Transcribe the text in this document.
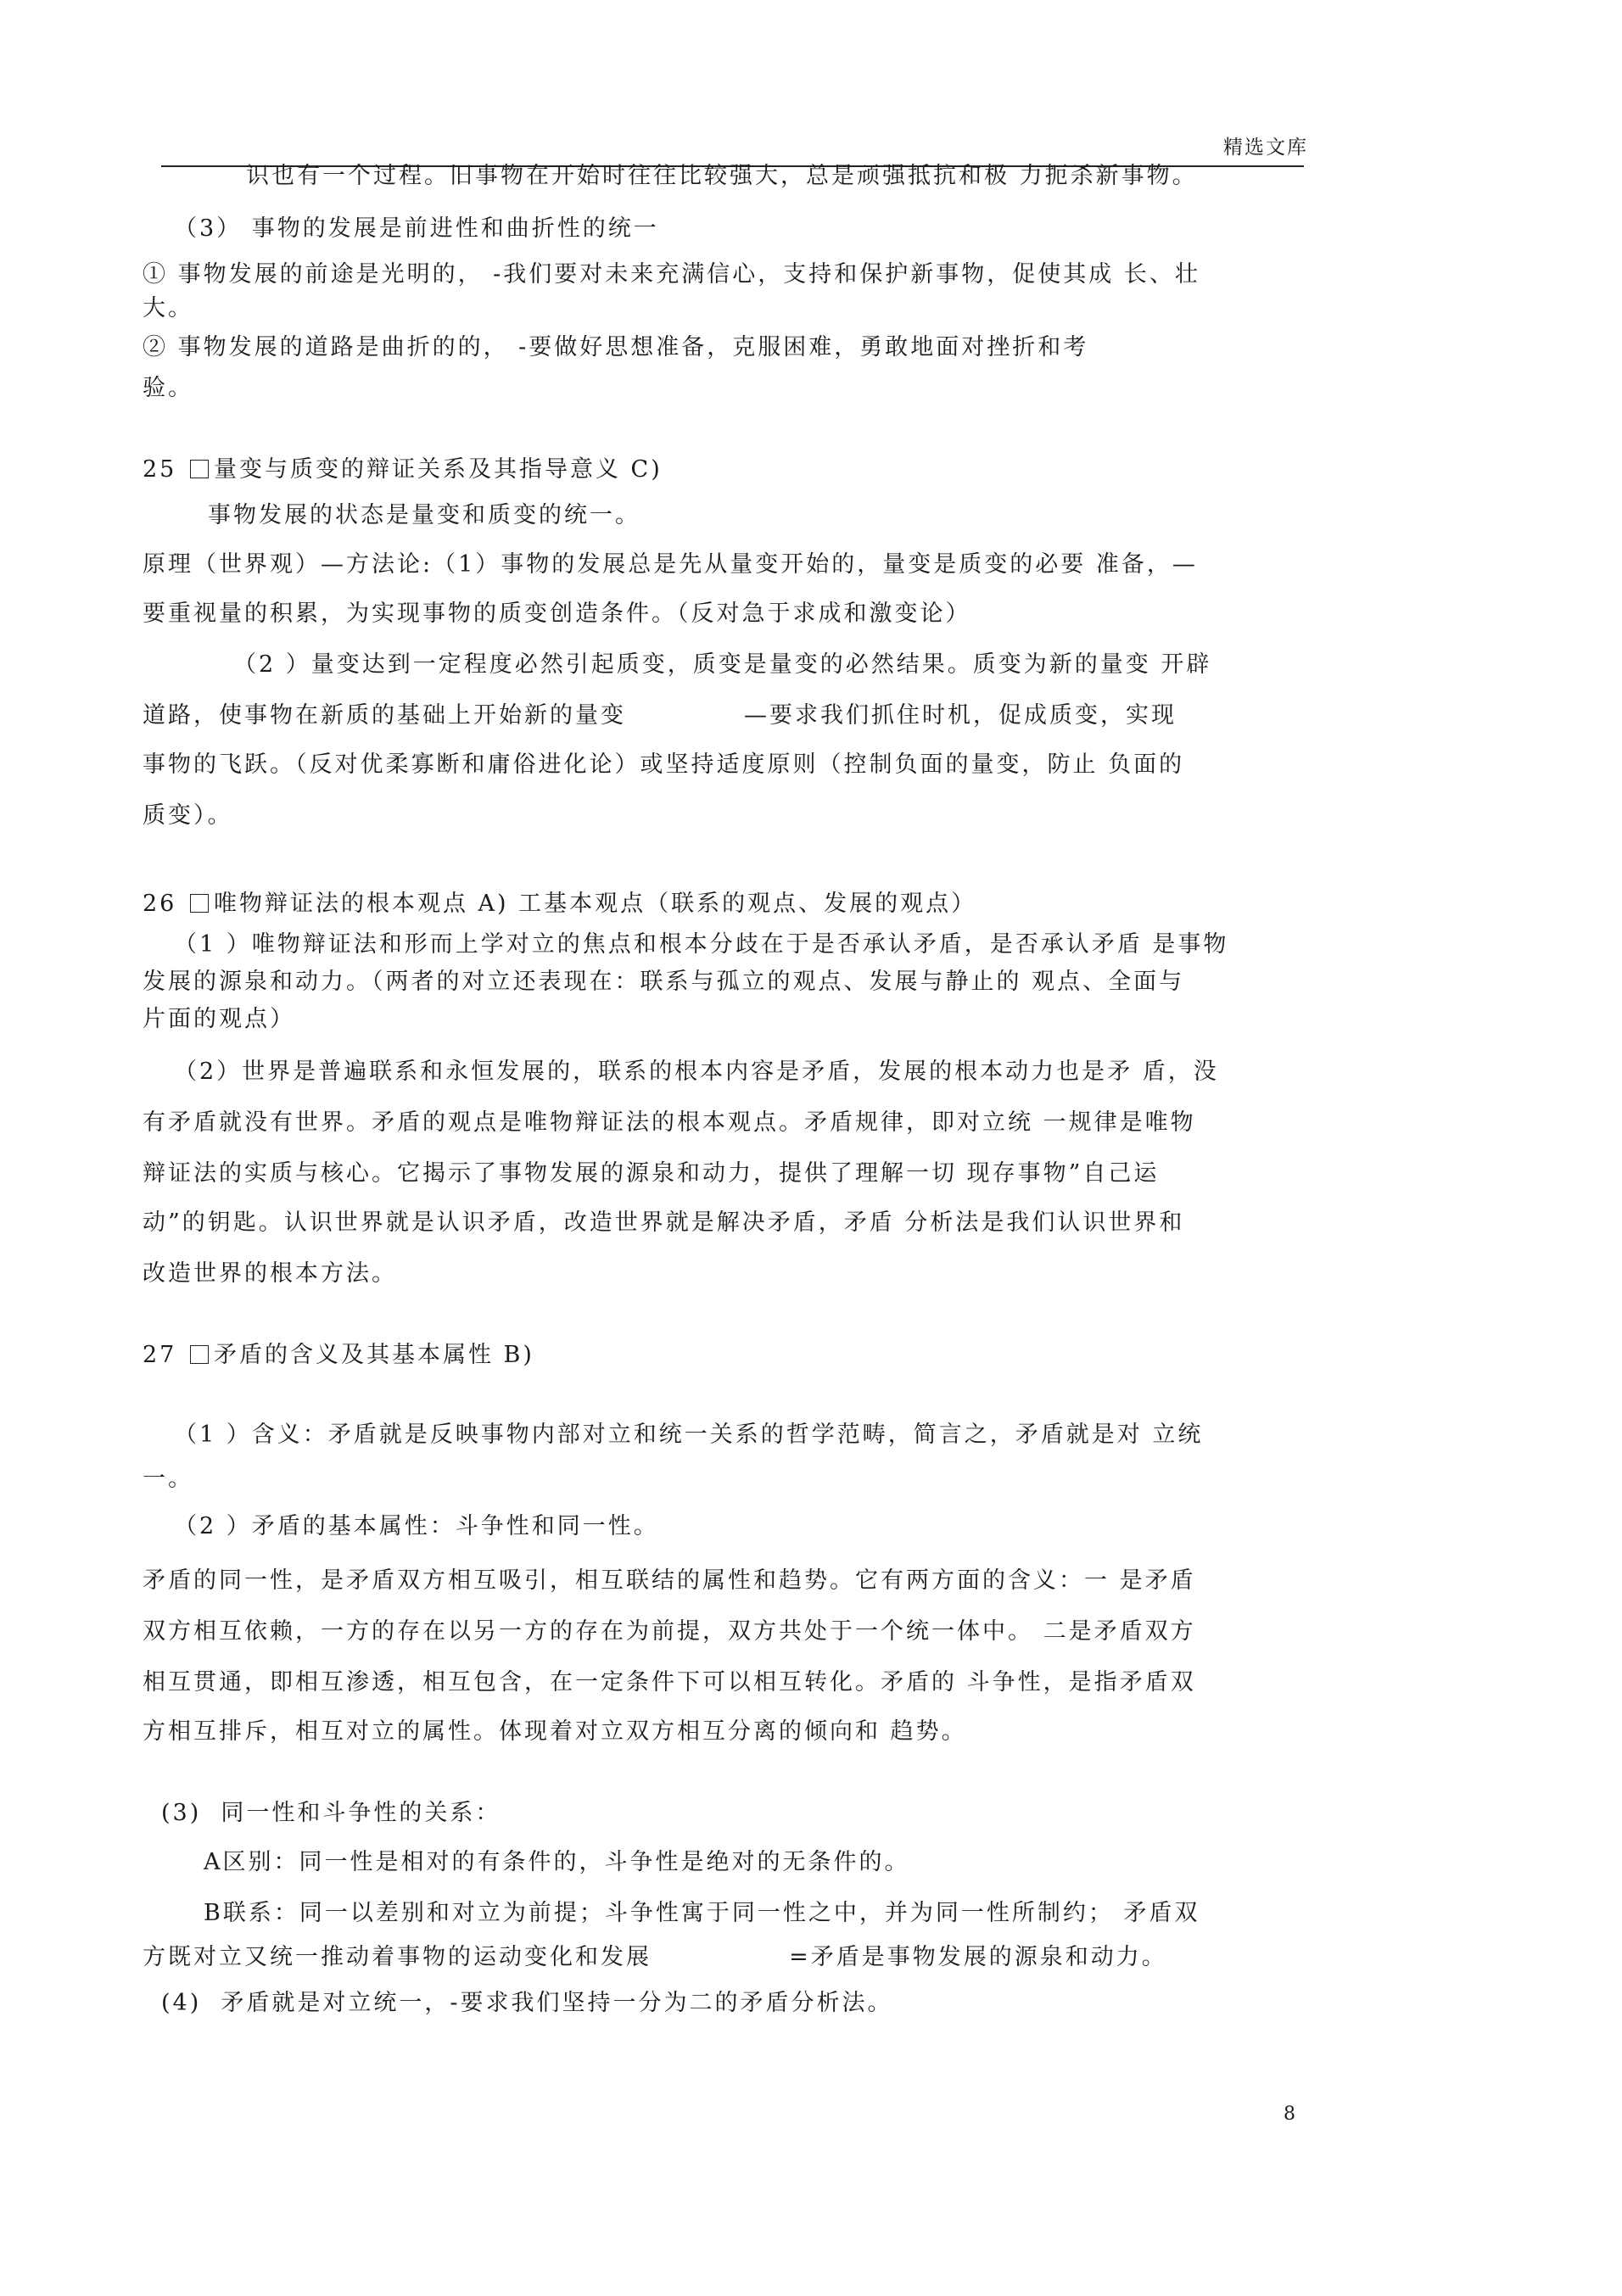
精选文库
识也有一个过程。旧事物在开始时往往比较强大，总是顽强抵抗和极 力扼杀新事物。
（3） 事物的发展是前进性和曲折性的统一
① 事物发展的前途是光明的， -我们要对未来充满信心，支持和保护新事物，促使其成 长、壮
大。
② 事物发展的道路是曲折的的， -要做好思想准备，克服困难，勇敢地面对挫折和考
验。
25 量变与质变的辩证关系及其指导意义 C)
事物发展的状态是量变和质变的统一。
原理（世界观）—方法论:（1）事物的发展总是先从量变开始的，量变是质变的必要 准备，—
要重视量的积累，为实现事物的质变创造条件。（反对急于求成和激变论）
（2 ）量变达到一定程度必然引起质变，质变是量变的必然结果。质变为新的量变 开辟
道路，使事物在新质的基础上开始新的量变            —要求我们抓住时机，促成质变，实现
事物的飞跃。（反对优柔寡断和庸俗进化论）或坚持适度原则（控制负面的量变，防止 负面的
质变）。
26 唯物辩证法的根本观点 A) 工基本观点（联系的观点、发展的观点）
（1 ）唯物辩证法和形而上学对立的焦点和根本分歧在于是否承认矛盾，是否承认矛盾 是事物
发展的源泉和动力。（两者的对立还表现在：联系与孤立的观点、发展与静止的 观点、全面与
片面的观点）
（2）世界是普遍联系和永恒发展的，联系的根本内容是矛盾，发展的根本动力也是矛 盾，没
有矛盾就没有世界。矛盾的观点是唯物辩证法的根本观点。矛盾规律，即对立统 一规律是唯物
辩证法的实质与核心。它揭示了事物发展的源泉和动力，提供了理解一切 现存事物”自己运
动”的钥匙。认识世界就是认识矛盾，改造世界就是解决矛盾，矛盾 分析法是我们认识世界和
改造世界的根本方法。
27 矛盾的含义及其基本属性 B)
（1 ）含义：矛盾就是反映事物内部对立和统一关系的哲学范畴，简言之，矛盾就是对 立统
一。
（2 ）矛盾的基本属性：斗争性和同一性。
矛盾的同一性，是矛盾双方相互吸引，相互联结的属性和趋势。它有两方面的含义：一 是矛盾
双方相互依赖，一方的存在以另一方的存在为前提，双方共处于一个统一体中。 二是矛盾双方
相互贯通，即相互渗透，相互包含，在一定条件下可以相互转化。矛盾的 斗争性，是指矛盾双
方相互排斥，相互对立的属性。体现着对立双方相互分离的倾向和 趋势。
(3)  同一性和斗争性的关系：
A区别：同一性是相对的有条件的，斗争性是绝对的无条件的。
B联系：同一以差别和对立为前提；斗争性寓于同一性之中，并为同一性所制约； 矛盾双
方既对立又统一推动着事物的运动变化和发展              =矛盾是事物发展的源泉和动力。
(4)  矛盾就是对立统一，-要求我们坚持一分为二的矛盾分析法。
8
